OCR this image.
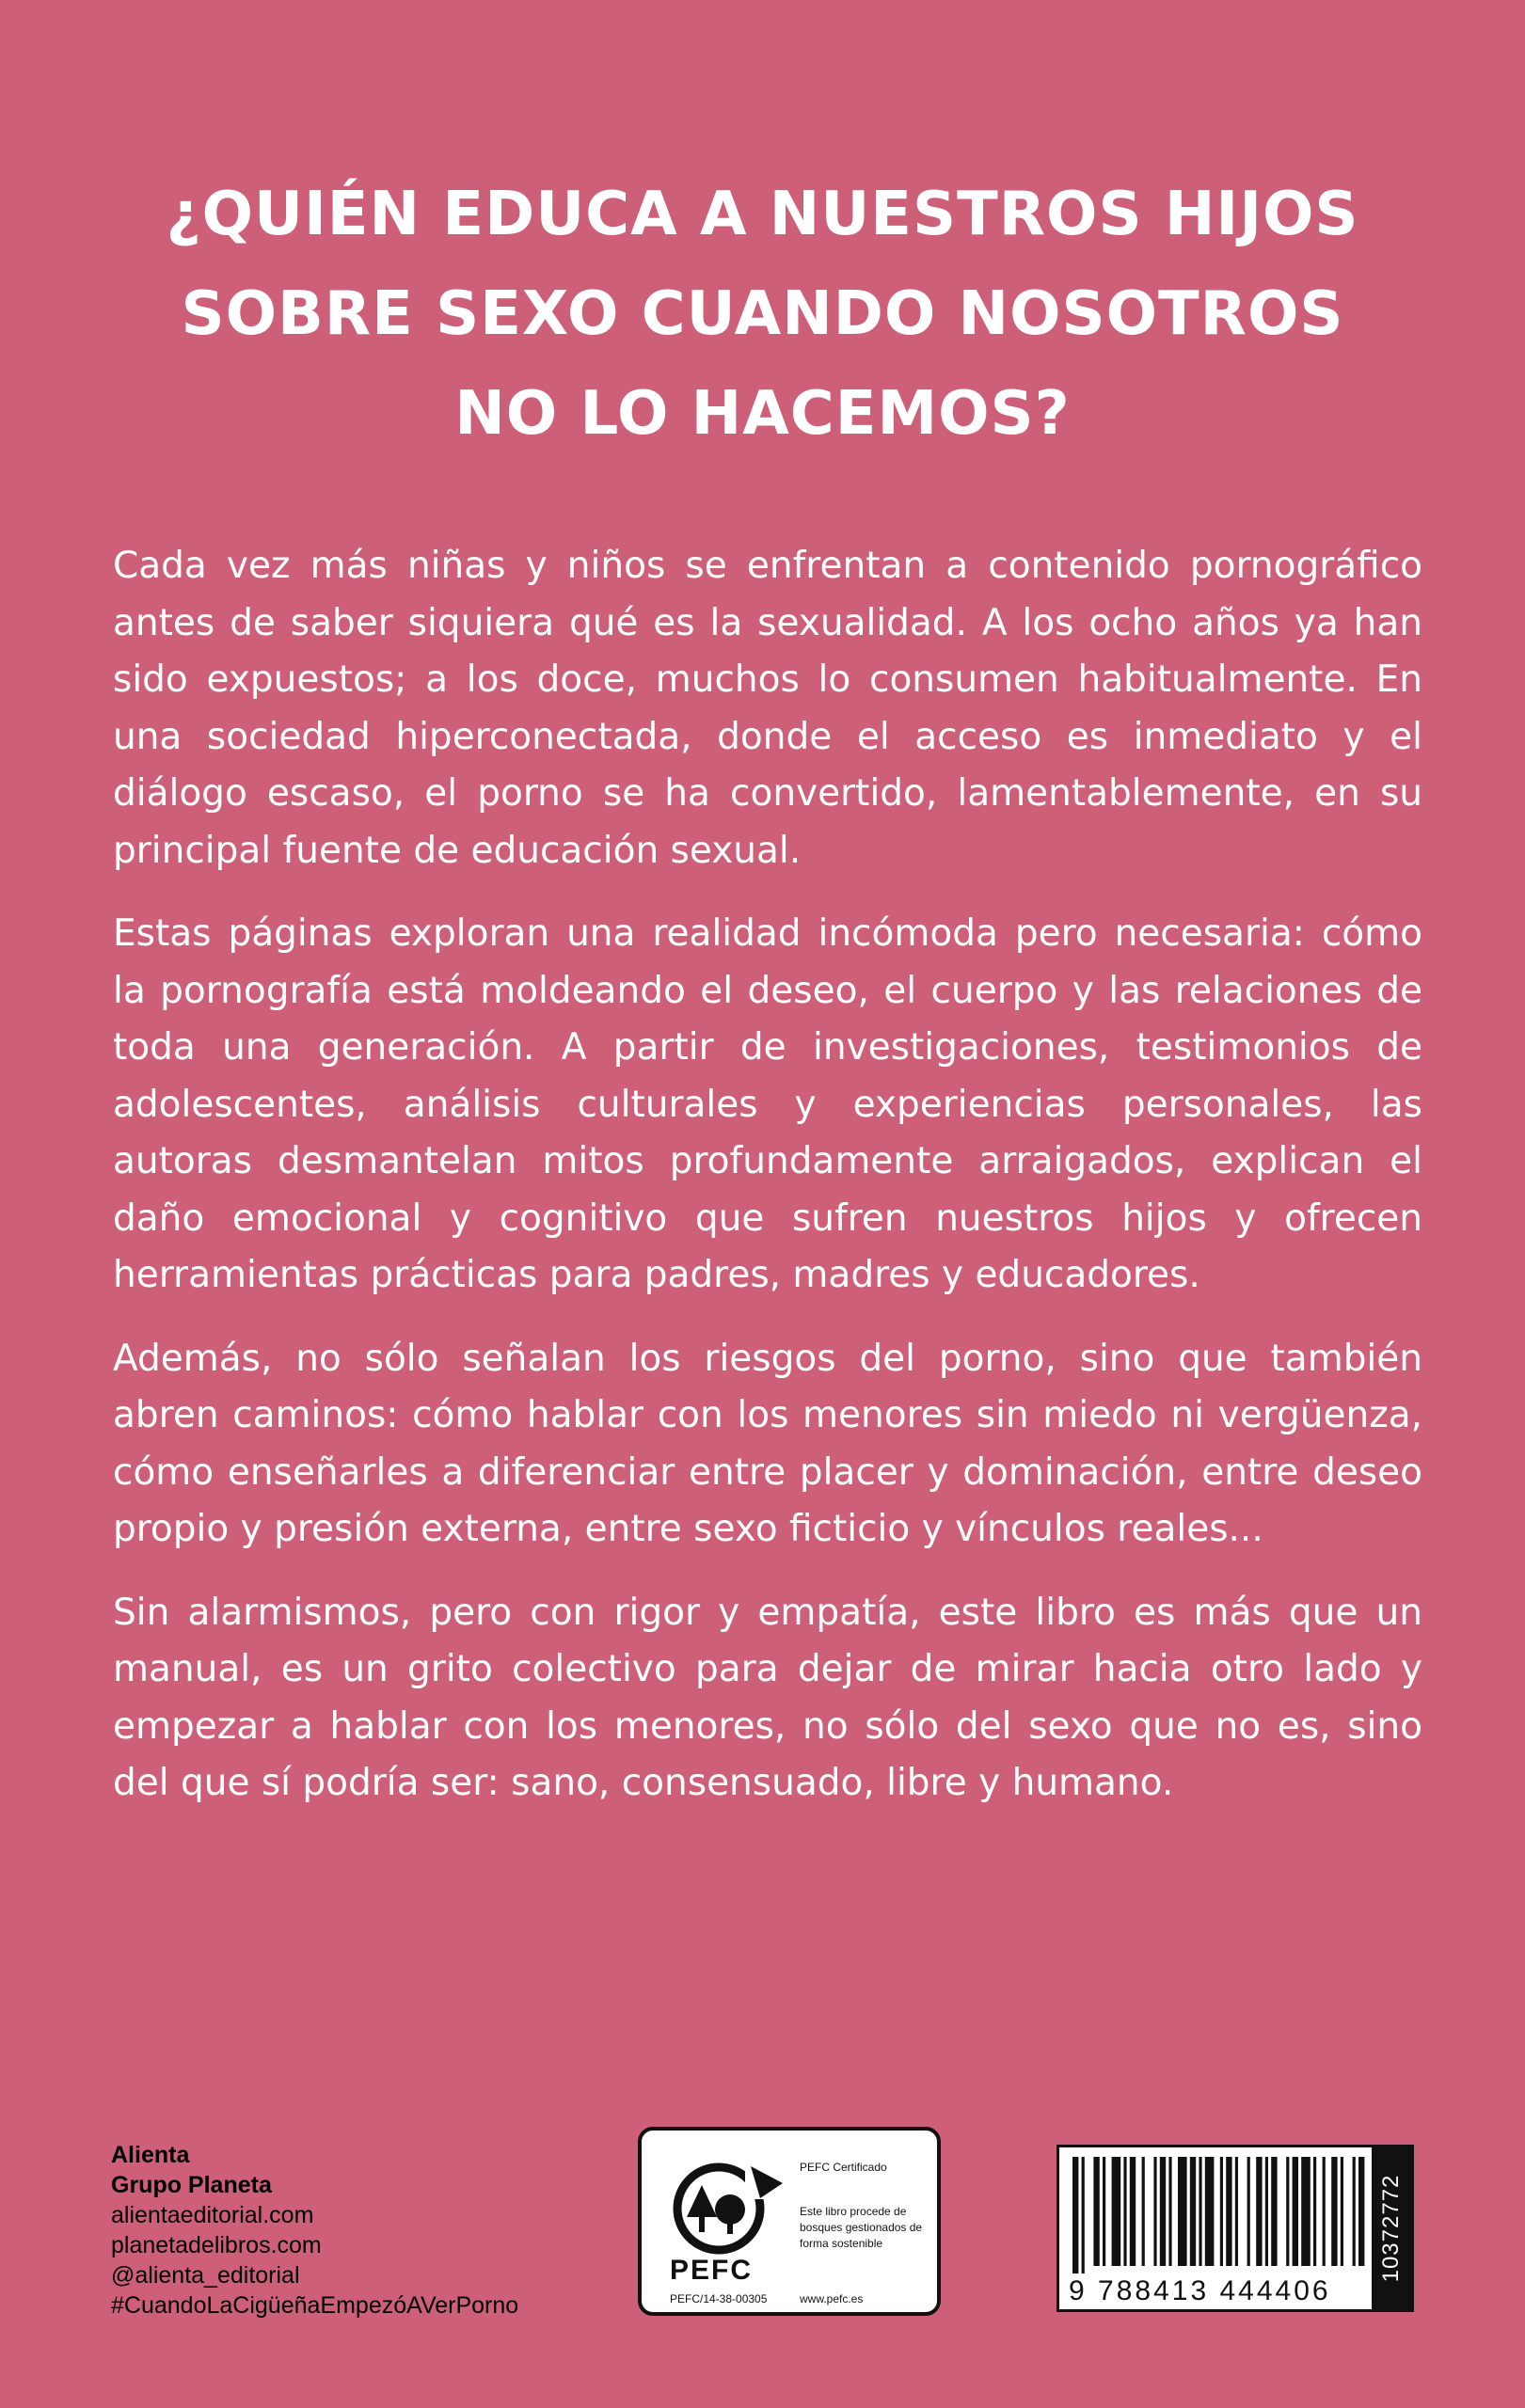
¿QUIÉN EDUCA A NUESTROS HIJOS
SOBRE SEXO CUANDO NOSOTROS
NO LO HACEMOS?

Cada vez más niñas y niños se enfrentan a contenido pornográfico antes de saber siquiera qué es la sexualidad. A los ocho años ya han sido expuestos; a los doce, muchos lo consumen habitualmente. En una sociedad hiperconectada, donde el acceso es inmediato y el diálogo escaso, el porno se ha convertido, lamentablemente, en su principal fuente de educación sexual.

Estas páginas exploran una realidad incómoda pero necesaria: cómo la pornografía está moldeando el deseo, el cuerpo y las relaciones de toda una generación. A partir de investigaciones, testimonios de adolescentes, análisis culturales y experiencias personales, las autoras desmantelan mitos profundamente arraigados, explican el daño emocional y cognitivo que sufren nuestros hijos y ofrecen herramientas prácticas para padres, madres y educadores.

Además, no sólo señalan los riesgos del porno, sino que también abren caminos: cómo hablar con los menores sin miedo ni vergüenza, cómo enseñarles a diferenciar entre placer y dominación, entre deseo propio y presión externa, entre sexo ficticio y vínculos reales...

Sin alarmismos, pero con rigor y empatía, este libro es más que un manual, es un grito colectivo para dejar de mirar hacia otro lado y empezar a hablar con los menores, no sólo del sexo que no es, sino del que sí podría ser: sano, consensuado, libre y humano.

Alienta
Grupo Planeta
alientaeditorial.com
planetadelibros.com
@alienta_editorial
#CuandoLaCigüeñaEmpezóAVerPorno
PEFC
PEFC Certificado
Este libro procede de bosques gestionados de forma sostenible
PEFC/14-38-00305	www.pefc.es	9 788413 444406
10372772
